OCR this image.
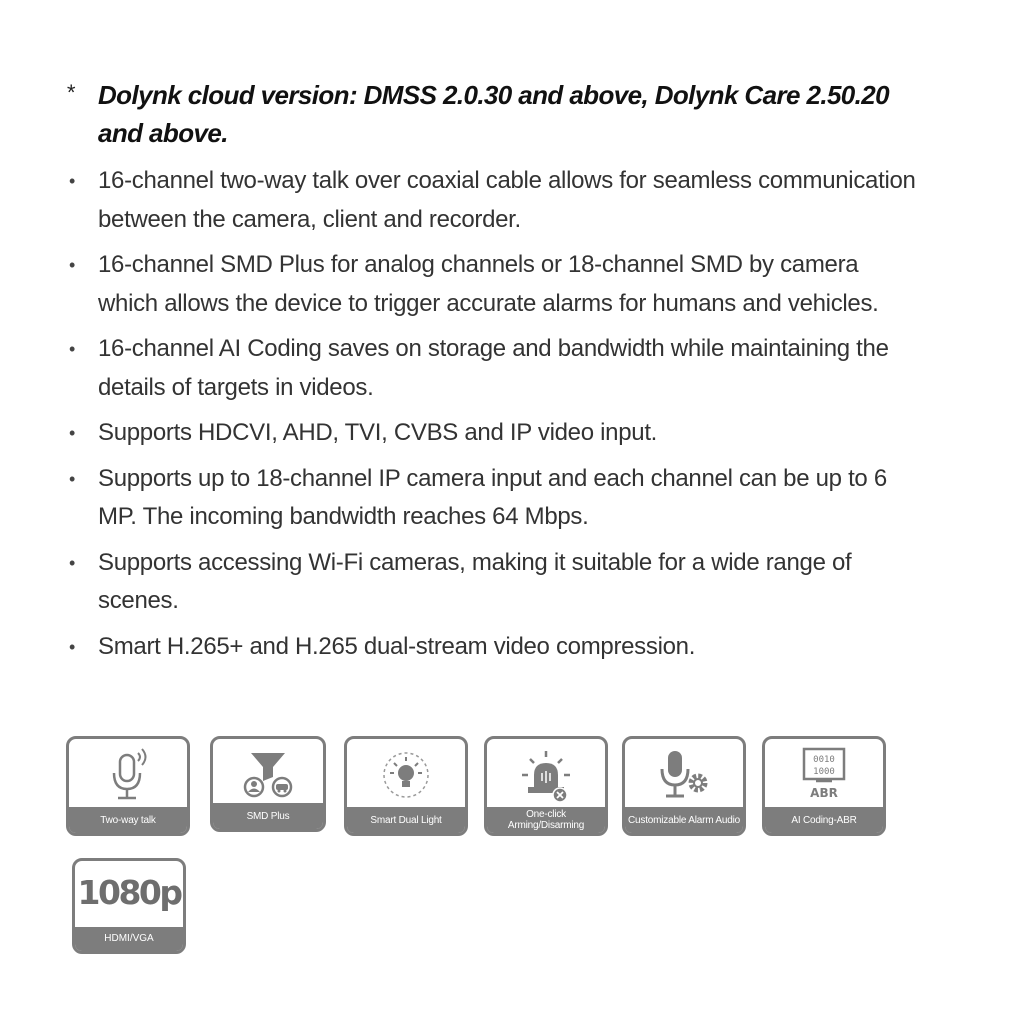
* Dolynk cloud version: DMSS 2.0.30 and above, Dolynk Care 2.50.20 and above.
• 16-channel two-way talk over coaxial cable allows for seamless communication between the camera, client and recorder.
• 16-channel SMD Plus for analog channels or 18-channel SMD by camera which allows the device to trigger accurate alarms for humans and vehicles.
• 16-channel AI Coding saves on storage and bandwidth while maintaining the details of targets in videos.
• Supports HDCVI, AHD, TVI, CVBS and IP video input.
• Supports up to 18-channel IP camera input and each channel can be up to 6 MP. The incoming bandwidth reaches 64 Mbps.
• Supports accessing Wi-Fi cameras, making it suitable for a wide range of scenes.
• Smart H.265+ and H.265 dual-stream video compression.
Two-way talk	SMD Plus	Smart Dual Light	One-click Arming/Disarming	Customizable Alarm Audio
0010
1000
ABR
AI Coding-ABR
1080p
HDMI/VGA
